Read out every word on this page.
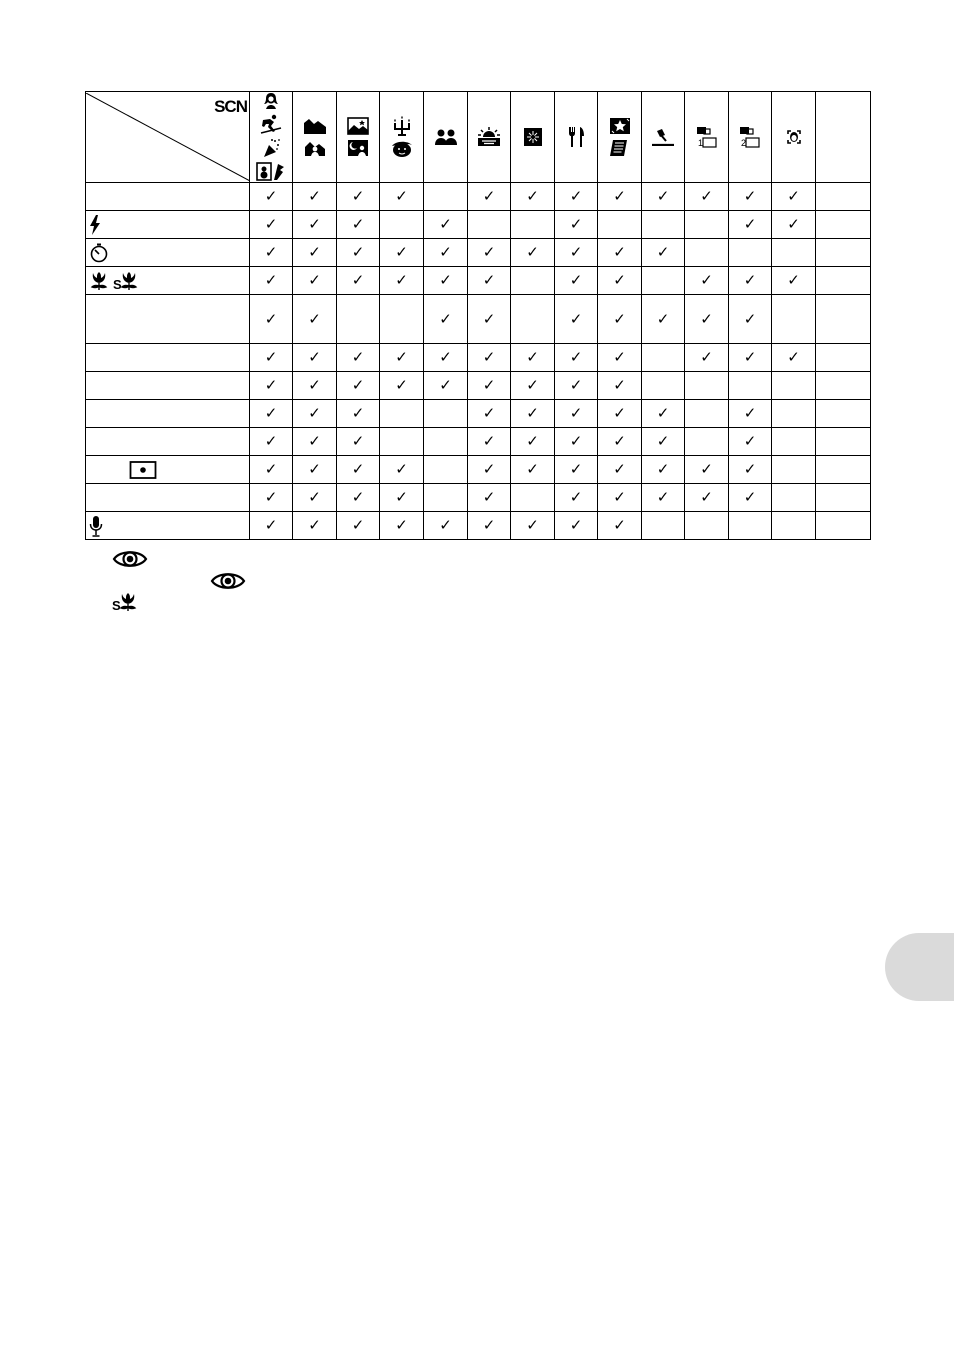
SCN											1	2

	✓	✓	✓	✓		✓	✓	✓	✓	✓	✓	✓	✓	

	✓	✓	✓		✓			✓				✓	✓	

	✓	✓	✓	✓	✓	✓	✓	✓	✓	✓				

S	✓	✓	✓	✓	✓	✓		✓	✓		✓	✓	✓	

	✓	✓			✓	✓		✓	✓	✓	✓	✓		

	✓	✓	✓	✓	✓	✓	✓	✓	✓		✓	✓	✓	

	✓	✓	✓	✓	✓	✓	✓	✓	✓					

	✓	✓	✓			✓	✓	✓	✓	✓		✓		

	✓	✓	✓			✓	✓	✓	✓	✓		✓		

	✓	✓	✓	✓		✓	✓	✓	✓	✓	✓	✓		

	✓	✓	✓	✓		✓		✓	✓	✓	✓	✓		

	✓	✓	✓	✓	✓	✓	✓	✓	✓					
S
